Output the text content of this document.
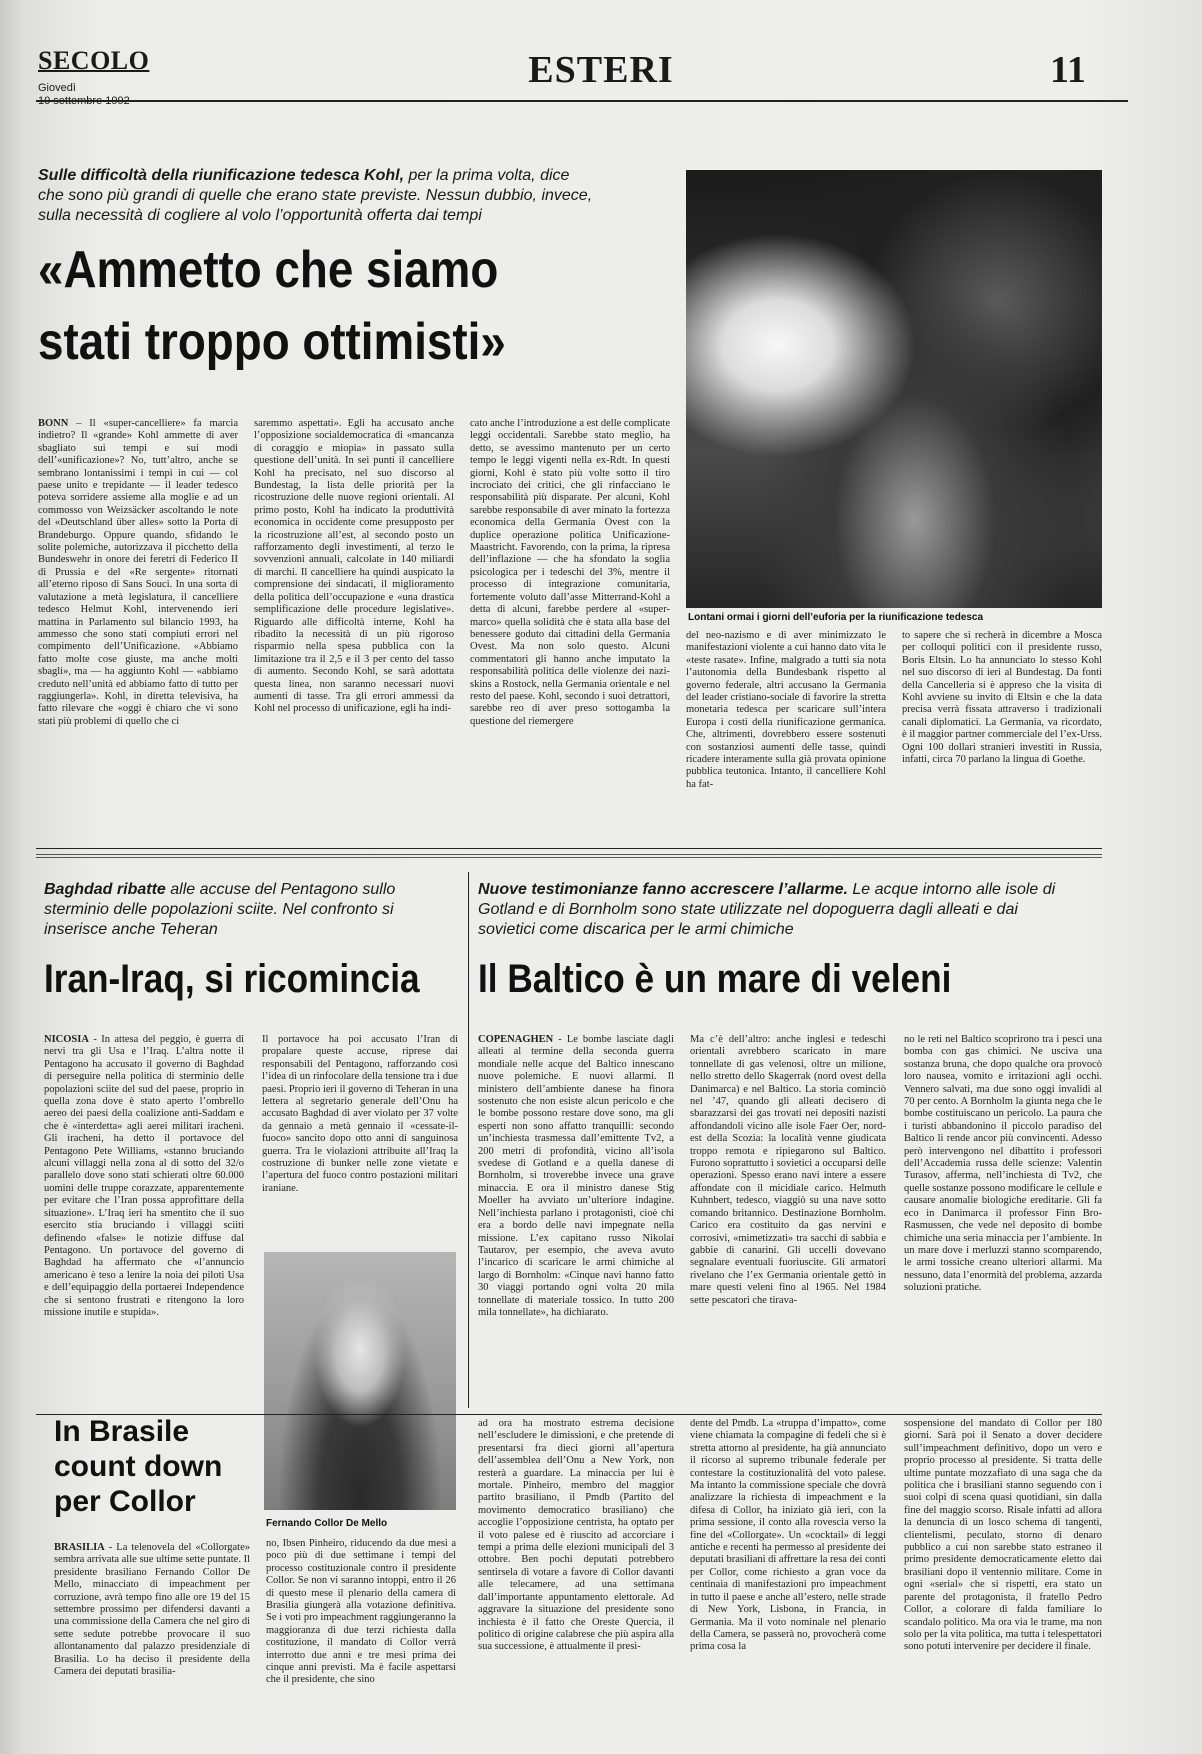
SECOLO
Giovedì	ESTERI	11
Sulle difficoltà della riunificazione tedesca Kohl, per la prima volta, dice che sono più grandi di quelle che erano state previste. Nessun dubbio, invece, sulla necessità di cogliere al volo l’opportunità offerta dai tempi
«Ammetto che siamo
stati troppo ottimisti»
Lontani ormai i giorni dell’euforia per la riunificazione tedesca

BONN – Il «super-cancelliere» fa marcia indietro? Il «grande» Kohl ammette di aver sbagliato sui tempi e sui modi dell’«unificazione»? No, tutt’altro, anche se sembrano lontanissimi i tempi in cui — col paese unito e trepidante — il leader tedesco poteva sorridere assieme alla moglie e ad un commosso von Weizsäcker ascoltando le note del «Deutschland über alles» sotto la Porta di Brandeburgo. Oppure quando, sfidando le solite polemiche, autorizzava il picchetto della Bundeswehr in onore dei feretri di Federico II di Prussia e del «Re sergente» ritornati all’eterno riposo di Sans Souci. In una sorta di valutazione a metà legislatura, il cancelliere tedesco Helmut Kohl, intervenendo ieri mattina in Parlamento sul bilancio 1993, ha ammesso che sono stati compiuti errori nel compimento dell’Unificazione. «Abbiamo fatto molte cose giuste, ma anche molti sbagli», ma — ha aggiunto Kohl — «abbiamo creduto nell’unità ed abbiamo fatto di tutto per raggiungerla». Kohl, in diretta televisiva, ha fatto rilevare che «oggi è chiaro che vi sono stati più problemi di quello che ci

saremmo aspettati». Egli ha accusato anche l’opposizione socialdemocratica di «mancanza di coraggio e miopia» in passato sulla questione dell’unità. In sei punti il cancelliere Kohl ha precisato, nel suo discorso al Bundestag, la lista delle priorità per la ricostruzione delle nuove regioni orientali. Al primo posto, Kohl ha indicato la produttività economica in occidente come presupposto per la ricostruzione all’est, al secondo posto un rafforzamento degli investimenti, al terzo le sovvenzioni annuali, calcolate in 140 miliardi di marchi. Il cancelliere ha quindi auspicato la comprensione dei sindacati, il miglioramento della politica dell’occupazione e «una drastica semplificazione delle procedure legislative». Riguardo alle difficoltà interne, Kohl ha ribadito la necessità di un più rigoroso risparmio nella spesa pubblica con la limitazione tra il 2,5 e il 3 per cento del tasso di aumento. Secondo Kohl, se sarà adottata questa linea, non saranno necessari nuovi aumenti di tasse. Tra gli errori ammessi da Kohl nel processo di unificazione, egli ha indi-

cato anche l’introduzione a est delle complicate leggi occidentali. Sarebbe stato meglio, ha detto, se avessimo mantenuto per un certo tempo le leggi vigenti nella ex-Rdt. In questi giorni, Kohl è stato più volte sotto il tiro incrociato dei critici, che gli rinfacciano le responsabilità più disparate. Per alcuni, Kohl sarebbe responsabile di aver minato la fortezza economica della Germania Ovest con la duplice operazione politica Unificazione-Maastricht. Favorendo, con la prima, la ripresa dell’inflazione — che ha sfondato la soglia psicologica per i tedeschi del 3%, mentre il processo di integrazione comunitaria, fortemente voluto dall’asse Mitterrand-Kohl a detta di alcuni, farebbe perdere al «super-marco» quella solidità che è stata alla base del benessere goduto dai cittadini della Germania Ovest. Ma non solo questo. Alcuni commentatori gli hanno anche imputato la responsabilità politica delle violenze dei nazi-skins a Rostock, nella Germania orientale e nel resto del paese. Kohl, secondo i suoi detrattori, sarebbe reo di aver preso sottogamba la questione del riemergere

del neo-nazismo e di aver minimizzato le manifestazioni violente a cui hanno dato vita le «teste rasate». Infine, malgrado a tutti sia nota l’autonomia della Bundesbank rispetto al governo federale, altri accusano la Germania del leader cristiano-sociale di favorire la stretta monetaria tedesca per scaricare sull’intera Europa i costi della riunificazione germanica. Che, altrimenti, dovrebbero essere sostenuti con sostanziosi aumenti delle tasse, quindi ricadere interamente sulla già provata opinione pubblica teutonica. Intanto, il cancelliere Kohl ha fat-

to sapere che si recherà in dicembre a Mosca per colloqui politici con il presidente russo, Boris Eltsin. Lo ha annunciato lo stesso Kohl nel suo discorso di ieri al Bundestag. Da fonti della Cancelleria si è appreso che la visita di Kohl avviene su invito di Eltsin e che la data precisa verrà fissata attraverso i tradizionali canali diplomatici. La Germania, va ricordato, è il maggior partner commerciale del l’ex-Urss. Ogni 100 dollari stranieri investiti in Russia, infatti, circa 70 parlano la lingua di Goethe.

Baghdad ribatte alle accuse del Pentagono sullo sterminio delle popolazioni sciite. Nel confronto si inserisce anche Teheran
Iran-Iraq, si ricomincia

NICOSIA - In attesa del peggio, è guerra di nervi tra gli Usa e l’Iraq. L’altra notte il Pentagono ha accusato il governo di Baghdad di perseguire nella politica di sterminio delle popolazioni sciite del sud del paese, proprio in quella zona dove è stato aperto l’ombrello aereo dei paesi della coalizione anti-Saddam e che è «interdetta» agli aerei militari iracheni. Gli iracheni, ha detto il portavoce del Pentagono Pete Williams, «stanno bruciando alcuni villaggi nella zona al di sotto del 32/o parallelo dove sono stati schierati oltre 60.000 uomini delle truppe corazzate, apparentemente per evitare che l’Iran possa approfittare della situazione». L’Iraq ieri ha smentito che il suo esercito stia bruciando i villaggi sciiti definendo «false» le notizie diffuse dal Pentagono. Un portavoce del governo di Baghdad ha affermato che «l’annuncio americano è teso a lenire la noia dei piloti Usa e dell’equipaggio della portaerei Independence che si sentono frustrati e ritengono la loro missione inutile e stupida».

Il portavoce ha poi accusato l’Iran di propalare queste accuse, riprese dai responsabili del Pentagono, rafforzando così l’idea di un rinfocolare della tensione tra i due paesi. Proprio ieri il governo di Teheran in una lettera al segretario generale dell’Onu ha accusato Baghdad di aver violato per 37 volte da gennaio a metà gennaio il «cessate-il-fuoco» sancito dopo otto anni di sanguinosa guerra. Tra le violazioni attribuite all’Iraq la costruzione di bunker nelle zone vietate e l’apertura del fuoco contro postazioni militari iraniane.

Fernando Collor De Mello
Nuove testimonianze fanno accrescere l’allarme. Le acque intorno alle isole di Gotland e di Bornholm sono state utilizzate nel dopoguerra dagli alleati e dai sovietici come discarica per le armi chimiche
Il Baltico è un mare di veleni

COPENAGHEN - Le bombe lasciate dagli alleati al termine della seconda guerra mondiale nelle acque del Baltico innescano nuove polemiche. E nuovi allarmi. Il ministero dell’ambiente danese ha finora sostenuto che non esiste alcun pericolo e che le bombe possono restare dove sono, ma gli esperti non sono affatto tranquilli: secondo un’inchiesta trasmessa dall’emittente Tv2, a 200 metri di profondità, vicino all’isola svedese di Gotland e a quella danese di Bornholm, si troverebbe invece una grave minaccia. E ora il ministro danese Stig Moeller ha avviato un’ulteriore indagine. Nell’inchiesta parlano i protagonisti, cioè chi era a bordo delle navi impegnate nella missione. L’ex capitano russo Nikolai Tautarov, per esempio, che aveva avuto l’incarico di scaricare le armi chimiche al largo di Bornholm: «Cinque navi hanno fatto 30 viaggi portando ogni volta 20 mila tonnellate di materiale tossico. In tutto 200 mila tonnellate», ha dichiarato.

Ma c’è dell’altro: anche inglesi e tedeschi orientali avrebbero scaricato in mare tonnellate di gas velenosi, oltre un milione, nello stretto dello Skagerrak (nord ovest della Danimarca) e nel Baltico. La storia cominciò nel ’47, quando gli alleati decisero di sbarazzarsi dei gas trovati nei depositi nazisti affondandoli vicino alle isole Faer Oer, nord-est della Scozia: la località venne giudicata troppo remota e ripiegarono sul Baltico. Furono soprattutto i sovietici a occuparsi delle operazioni. Spesso erano navi intere a essere affondate con il micidiale carico. Helmuth Kuhnbert, tedesco, viaggiò su una nave sotto comando britannico. Destinazione Bornholm. Carico era costituito da gas nervini e corrosivi, «mimetizzati» tra sacchi di sabbia e gabbie di canarini. Gli uccelli dovevano segnalare eventuali fuoriuscite. Gli armatori rivelano che l’ex Germania orientale gettò in mare questi veleni fino al 1965. Nel 1984 sette pescatori che tirava-

no le reti nel Baltico scoprirono tra i pesci una bomba con gas chimici. Ne usciva una sostanza bruna, che dopo qualche ora provocò loro nausea, vomito e irritazioni agli occhi. Vennero salvati, ma due sono oggi invalidi al 70 per cento. A Bornholm la giunta nega che le bombe costituiscano un pericolo. La paura che i turisti abbandonino il piccolo paradiso del Baltico li rende ancor più convincenti. Adesso però intervengono nel dibattito i professori dell’Accademia russa delle scienze: Valentin Turasov, afferma, nell’inchiesta di Tv2, che quelle sostanze possono modificare le cellule e causare anomalie biologiche ereditarie. Gli fa eco in Danimarca il professor Finn Bro-Rasmussen, che vede nel deposito di bombe chimiche una seria minaccia per l’ambiente. In un mare dove i merluzzi stanno scomparendo, le armi tossiche creano ulteriori allarmi. Ma nessuno, data l’enormità del problema, azzarda soluzioni pratiche.

In Brasile
count down
per Collor

BRASILIA - La telenovela del «Collorgate» sembra arrivata alle sue ultime sette puntate. Il presidente brasiliano Fernando Collor De Mello, minacciato di impeachment per corruzione, avrà tempo fino alle ore 19 del 15 settembre prossimo per difendersi davanti a una commissione della Camera che nel giro di sette sedute potrebbe provocare il suo allontanamento dal palazzo presidenziale di Brasilia. Lo ha deciso il presidente della Camera dei deputati brasilia-

no, Ibsen Pinheiro, riducendo da due mesi a poco più di due settimane i tempi del processo costituzionale contro il presidente Collor. Se non vi saranno intoppi, entro il 26 di questo mese il plenario della camera di Brasilia giungerà alla votazione definitiva. Se i voti pro impeachment raggiungeranno la maggioranza di due terzi richiesta dalla costituzione, il mandato di Collor verrà interrotto due anni e tre mesi prima dei cinque anni previsti. Ma è facile aspettarsi che il presidente, che sino

ad ora ha mostrato estrema decisione nell’escludere le dimissioni, e che pretende di presentarsi fra dieci giorni all’apertura dell’assemblea dell’Onu a New York, non resterà a guardare. La minaccia per lui è mortale. Pinheiro, membro del maggior partito brasiliano, il Pmdb (Partito del movimento democratico brasiliano) che accoglie l’opposizione centrista, ha optato per il voto palese ed è riuscito ad accorciare i tempi a prima delle elezioni municipali del 3 ottobre. Ben pochi deputati potrebbero sentirsela di votare a favore di Collor davanti alle telecamere, ad una settimana dall’importante appuntamento elettorale. Ad aggravare la situazione del presidente sono inchiesta è il fatto che Oreste Quercia, il politico di origine calabrese che più aspira alla sua successione, è attualmente il presi-

dente del Pmdb. La «truppa d’impatto», come viene chiamata la compagine di fedeli che si è stretta attorno al presidente, ha già annunciato il ricorso al supremo tribunale federale per contestare la costituzionalità del voto palese. Ma intanto la commissione speciale che dovrà analizzare la richiesta di impeachment e la difesa di Collor, ha iniziato già ieri, con la prima sessione, il conto alla rovescia verso la fine del «Collorgate». Un «cocktail» di leggi antiche e recenti ha permesso al presidente dei deputati brasiliani di affrettare la resa dei conti per Collor, come richiesto a gran voce da centinaia di manifestazioni pro impeachment in tutto il paese e anche all’estero, nelle strade di New York, Lisbona, in Francia, in Germania. Ma il voto nominale nel plenario della Camera, se passerà no, provocherà come prima cosa la

sospensione del mandato di Collor per 180 giorni. Sarà poi il Senato a dover decidere sull’impeachment definitivo, dopo un vero e proprio processo al presidente. Si tratta delle ultime puntate mozzafiato di una saga che da politica che i brasiliani stanno seguendo con i suoi colpi di scena quasi quotidiani, sin dalla fine del maggio scorso. Risale infatti ad allora la denuncia di un losco schema di tangenti, clientelismi, peculato, storno di denaro pubblico a cui non sarebbe stato estraneo il primo presidente democraticamente eletto dai brasiliani dopo il ventennio militare. Come in ogni «serial» che si rispetti, era stato un parente del protagonista, il fratello Pedro Collor, a colorare di falda familiare lo scandalo politico. Ma ora via le trame, ma non solo per la vita politica, ma tutta i telespettatori sono potuti intervenire per decidere il finale.
